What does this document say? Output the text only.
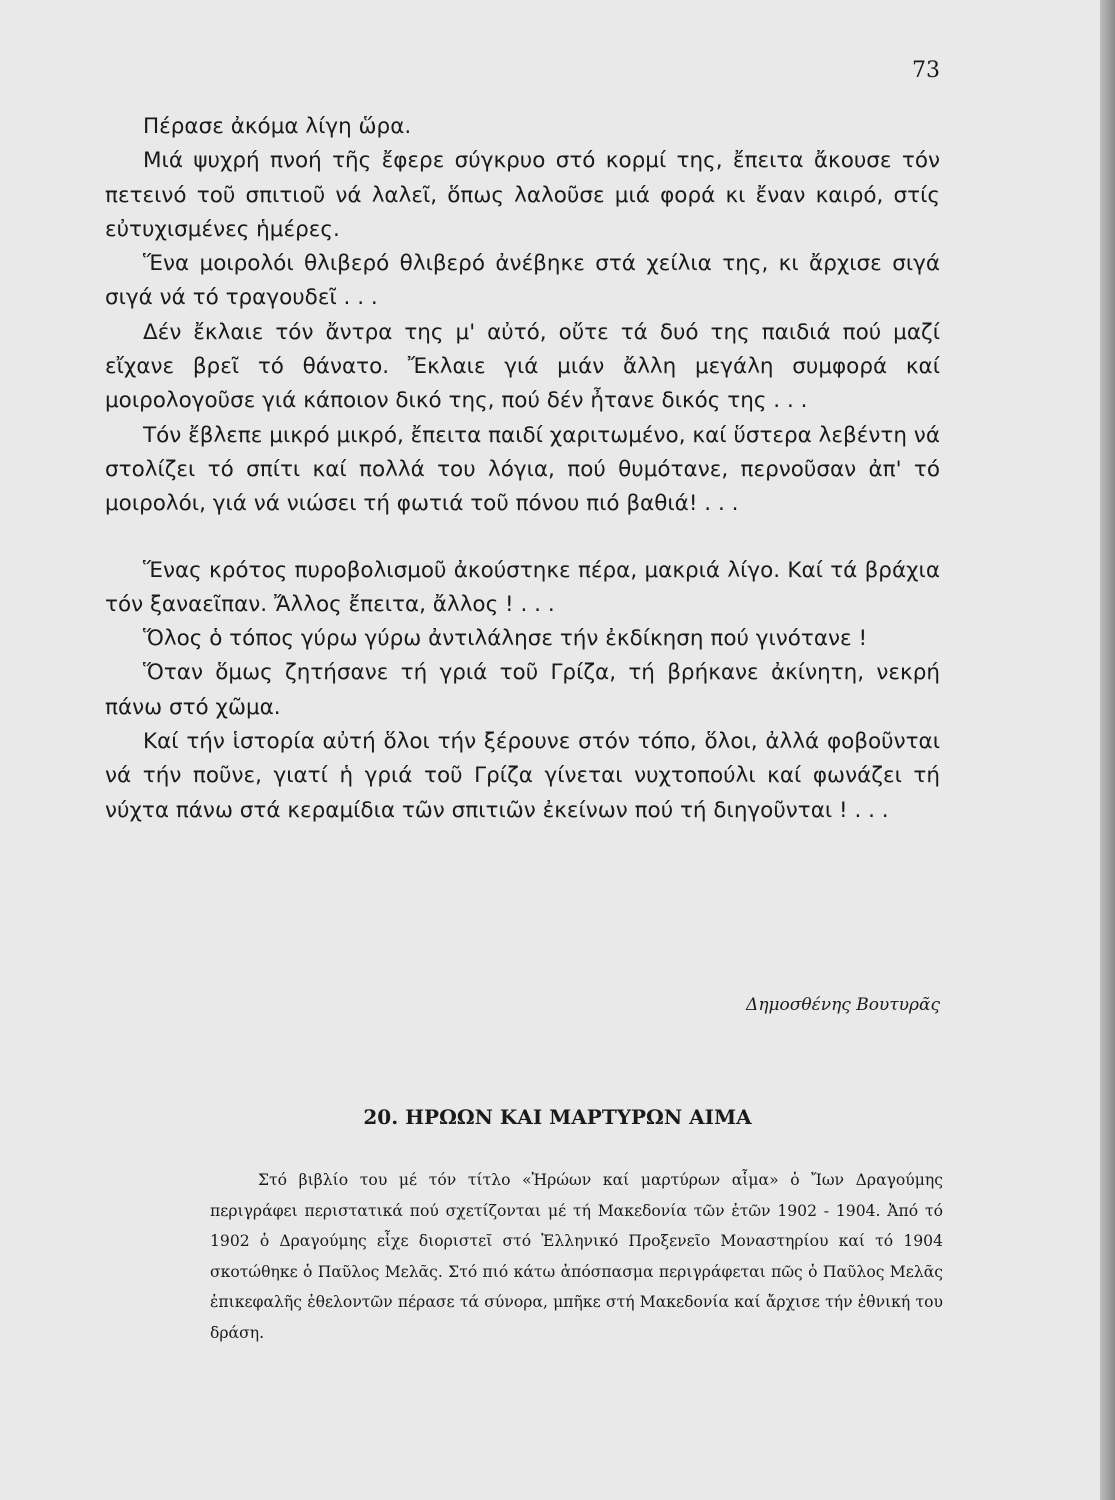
73

Πέρασε ἀκόμα λίγη ὥρα.

Μιά ψυχρή πνοή τῆς ἔφερε σύγκρυο στό κορμί της, ἔπειτα ἄκουσε τόν πετεινό τοῦ σπιτιοῦ νά λαλεῖ, ὅπως λαλοῦσε μιά φορά κι ἔναν καιρό, στίς εὐτυχισμένες ἡμέρες.

Ἕνα μοιρολόι θλιβερό θλιβερό ἀνέβηκε στά χείλια της, κι ἄρχισε σιγά σιγά νά τό τραγουδεῖ . . .

Δέν ἔκλαιε τόν ἄντρα της μ' αὐτό, οὔτε τά δυό της παιδιά πού μαζί εἴχανε βρεῖ τό θάνατο. Ἔκλαιε γιά μιάν ἄλλη μεγάλη συμφορά καί μοιρολογοῦσε γιά κάποιον δικό της, πού δέν ἦτανε δικός της . . .

Τόν ἔβλεπε μικρό μικρό, ἔπειτα παιδί χαριτωμένο, καί ὕστερα λεβέντη νά στολίζει τό σπίτι καί πολλά του λόγια, πού θυμότανε, περνοῦσαν ἀπ' τό μοιρολόι, γιά νά νιώσει τή φωτιά τοῦ πόνου πιό βαθιά! . . .

Ἕνας κρότος πυροβολισμοῦ ἀκούστηκε πέρα, μακριά λίγο. Καί τά βράχια τόν ξαναεῖπαν. Ἄλλος ἔπειτα, ἄλλος ! . . .

Ὅλος ὁ τόπος γύρω γύρω ἀντιλάλησε τήν ἐκδίκηση πού γινότανε !

Ὅταν ὅμως ζητήσανε τή γριά τοῦ Γρίζα, τή βρήκανε ἀκίνητη, νεκρή πάνω στό χῶμα.

Καί τήν ἱστορία αὐτή ὅλοι τήν ξέρουνε στόν τόπο, ὅλοι, ἀλλά φοβοῦνται νά τήν ποῦνε, γιατί ἡ γριά τοῦ Γρίζα γίνεται νυχτοπούλι καί φωνάζει τή νύχτα πάνω στά κεραμίδια τῶν σπιτιῶν ἐκείνων πού τή διηγοῦνται ! . . .

Δημοσθένης Βουτυρᾶς
20. ΗΡΩΩΝ ΚΑΙ ΜΑΡΤΥΡΩΝ ΑΙΜΑ

Στό βιβλίο του μέ τόν τίτλο «Ἡρώων καί μαρτύρων αἷμα» ὁ Ἴων Δραγούμης περιγράφει περιστατικά πού σχετίζονται μέ τή Μακεδονία τῶν ἐτῶν 1902 - 1904. Ἀπό τό 1902 ὁ Δραγούμης εἶχε διοριστεῖ στό Ἑλληνικό Προξενεῖο Μοναστηρίου καί τό 1904 σκοτώθηκε ὁ Παῦλος Μελᾶς. Στό πιό κάτω ἀπόσπασμα περιγράφεται πῶς ὁ Παῦλος Μελᾶς ἐπικεφαλῆς ἐθελοντῶν πέρασε τά σύνορα, μπῆκε στή Μακεδονία καί ἄρχισε τήν ἐθνική του δράση.
